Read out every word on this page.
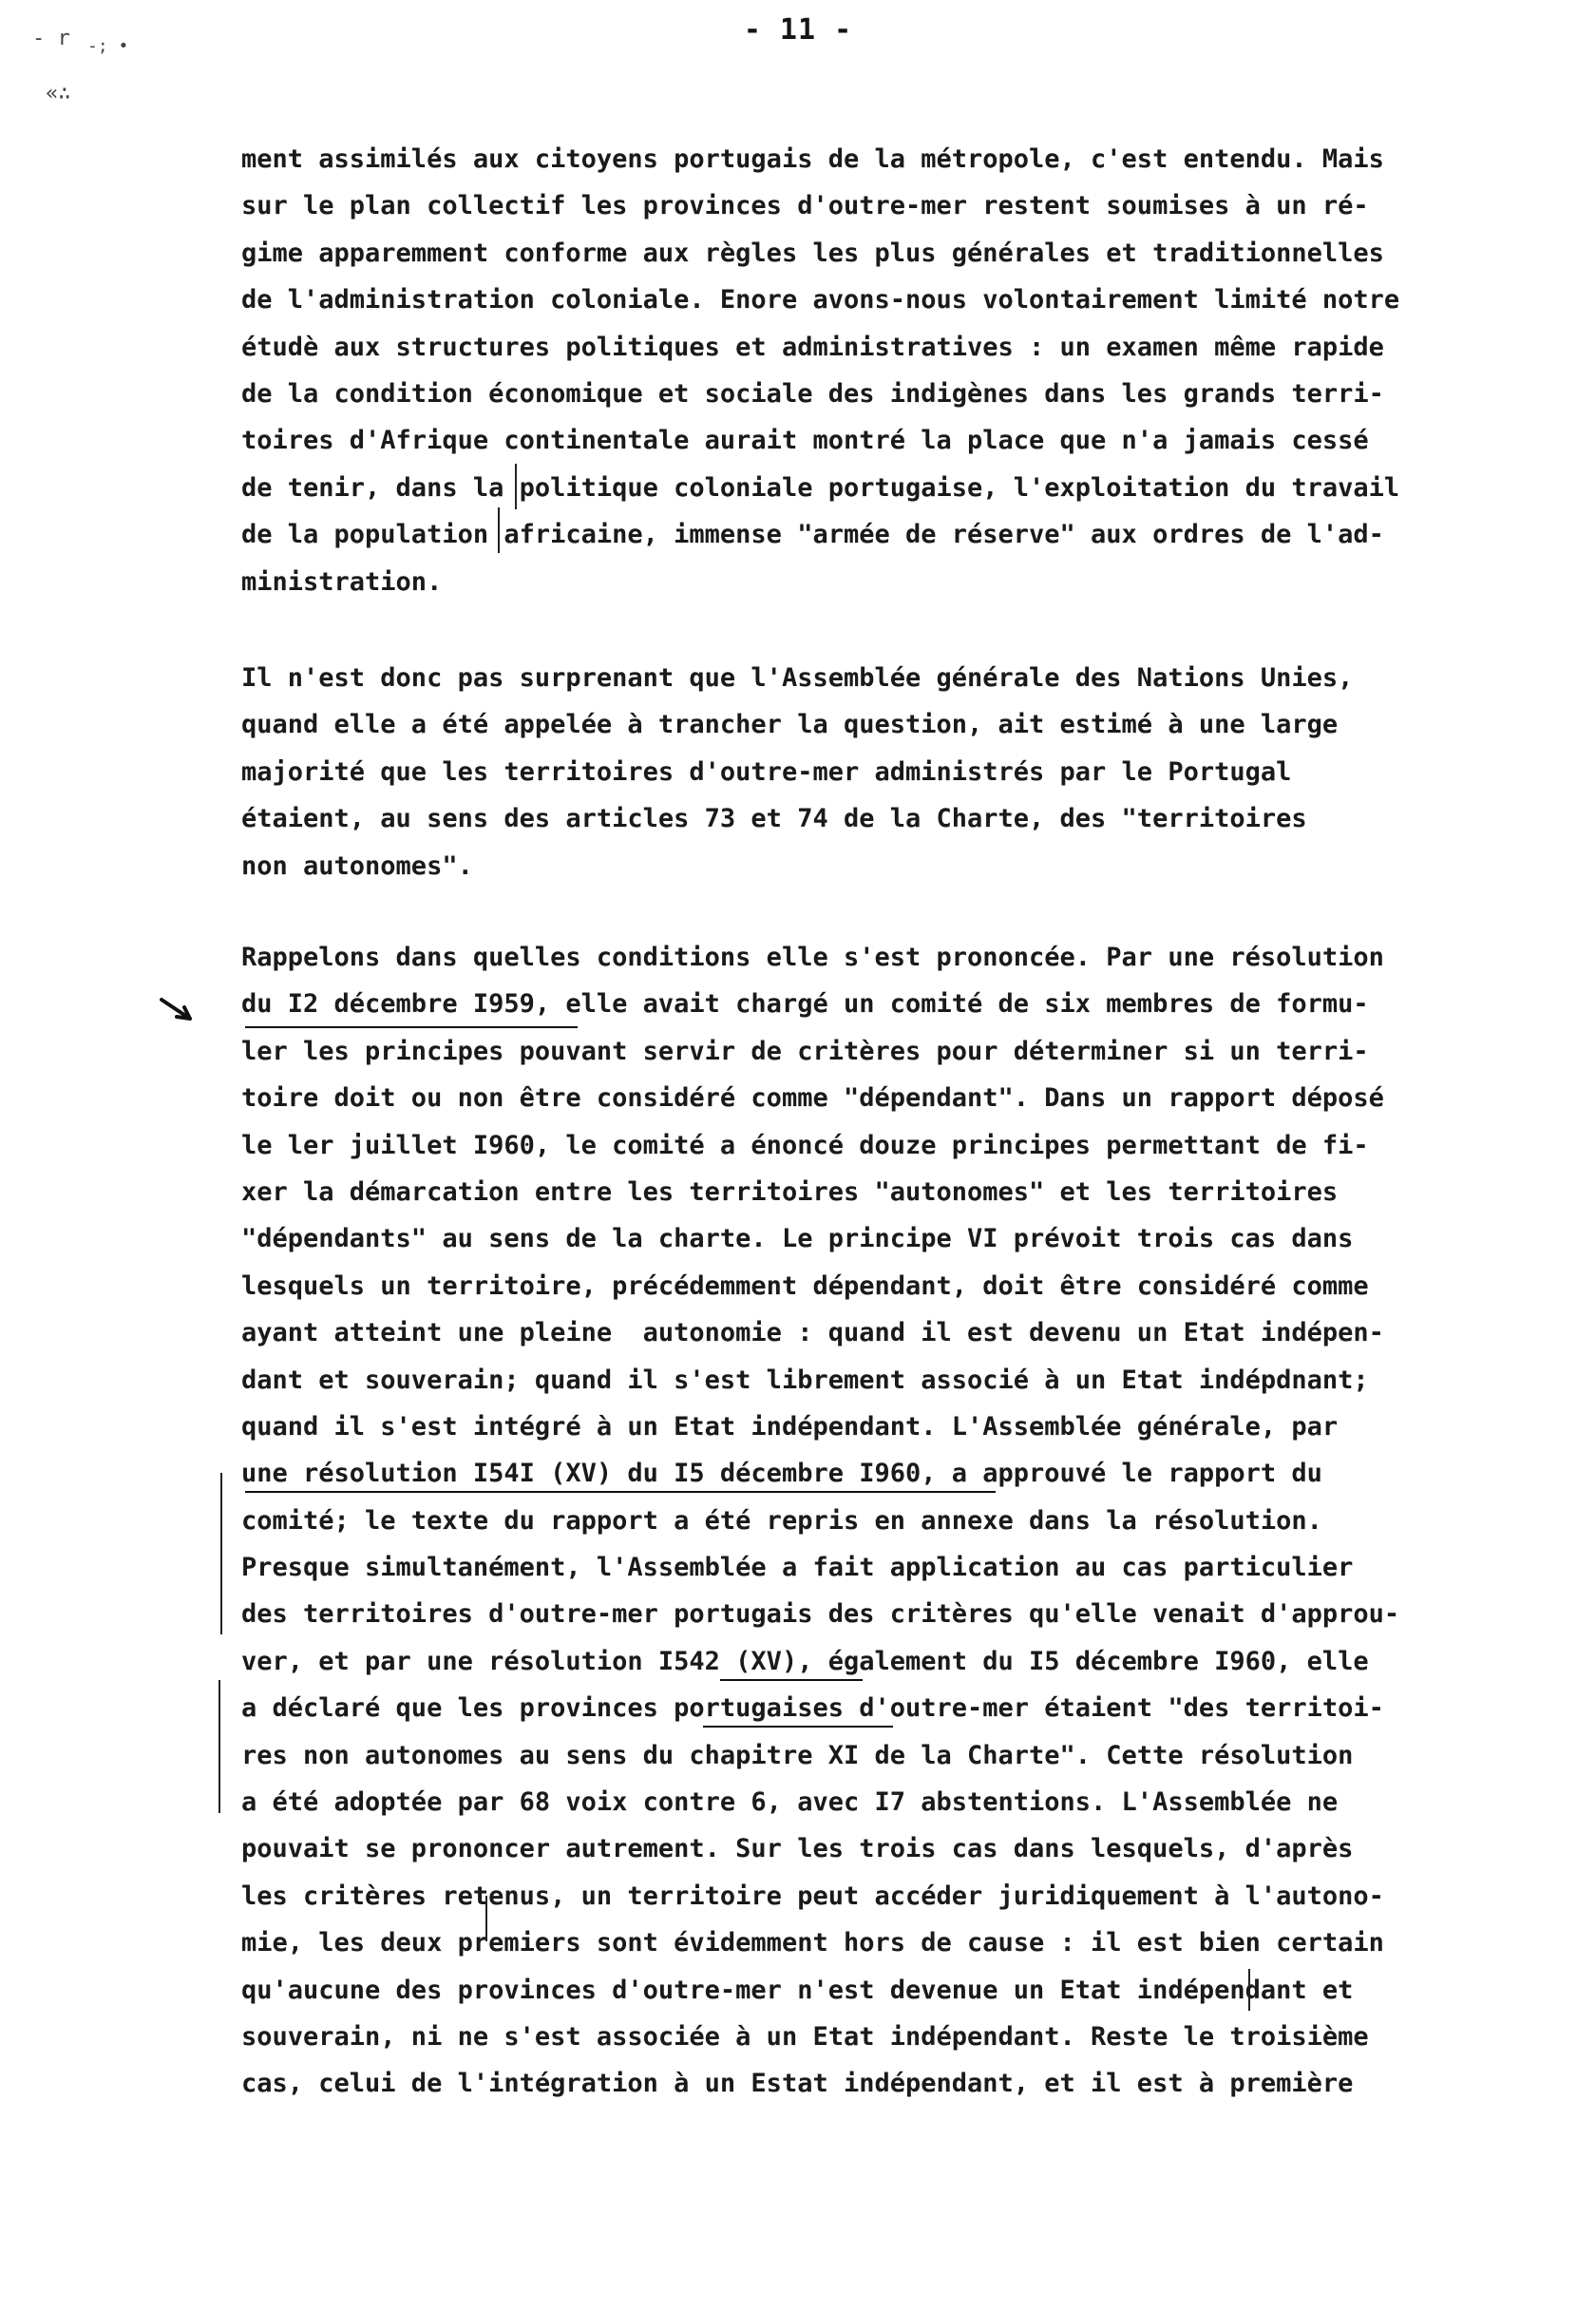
- 11 -
- r -; •
«∴
ment assimilés aux citoyens portugais de la métropole, c'est entendu. Mais
sur le plan collectif les provinces d'outre-mer restent soumises à un ré-
gime apparemment conforme aux règles les plus générales et traditionnelles
de l'administration coloniale. Enore avons-nous volontairement limité notre
étudè aux structures politiques et administratives : un examen même rapide
de la condition économique et sociale des indigènes dans les grands terri-
toires d'Afrique continentale aurait montré la place que n'a jamais cessé
de tenir, dans la politique coloniale portugaise, l'exploitation du travail
de la population africaine, immense "armée de réserve" aux ordres de l'ad-
ministration.
Il n'est donc pas surprenant que l'Assemblée générale des Nations Unies,
quand elle a été appelée à trancher la question, ait estimé à une large
majorité que les territoires d'outre-mer administrés par le Portugal
étaient, au sens des articles 73 et 74 de la Charte, des "territoires
non autonomes".
Rappelons dans quelles conditions elle s'est prononcée. Par une résolution
du I2 décembre I959, elle avait chargé un comité de six membres de formu-
ler les principes pouvant servir de critères pour déterminer si un terri-
toire doit ou non être considéré comme "dépendant". Dans un rapport déposé
le ler juillet I960, le comité a énoncé douze principes permettant de fi-
xer la démarcation entre les territoires "autonomes" et les territoires
"dépendants" au sens de la charte. Le principe VI prévoit trois cas dans
lesquels un territoire, précédemment dépendant, doit être considéré comme
ayant atteint une pleine  autonomie : quand il est devenu un Etat indépen-
dant et souverain; quand il s'est librement associé à un Etat indépdnant;
quand il s'est intégré à un Etat indépendant. L'Assemblée générale, par
une résolution I54I (XV) du I5 décembre I960, a approuvé le rapport du
comité; le texte du rapport a été repris en annexe dans la résolution.
Presque simultanément, l'Assemblée a fait application au cas particulier
des territoires d'outre-mer portugais des critères qu'elle venait d'approu-
ver, et par une résolution I542 (XV), également du I5 décembre I960, elle
a déclaré que les provinces portugaises d'outre-mer étaient "des territoi-
res non autonomes au sens du chapitre XI de la Charte". Cette résolution
a été adoptée par 68 voix contre 6, avec I7 abstentions. L'Assemblée ne
pouvait se prononcer autrement. Sur les trois cas dans lesquels, d'après
les critères retenus, un territoire peut accéder juridiquement à l'autono-
mie, les deux premiers sont évidemment hors de cause : il est bien certain
qu'aucune des provinces d'outre-mer n'est devenue un Etat indépendant et
souverain, ni ne s'est associée à un Etat indépendant. Reste le troisième
cas, celui de l'intégration à un Estat indépendant, et il est à première
